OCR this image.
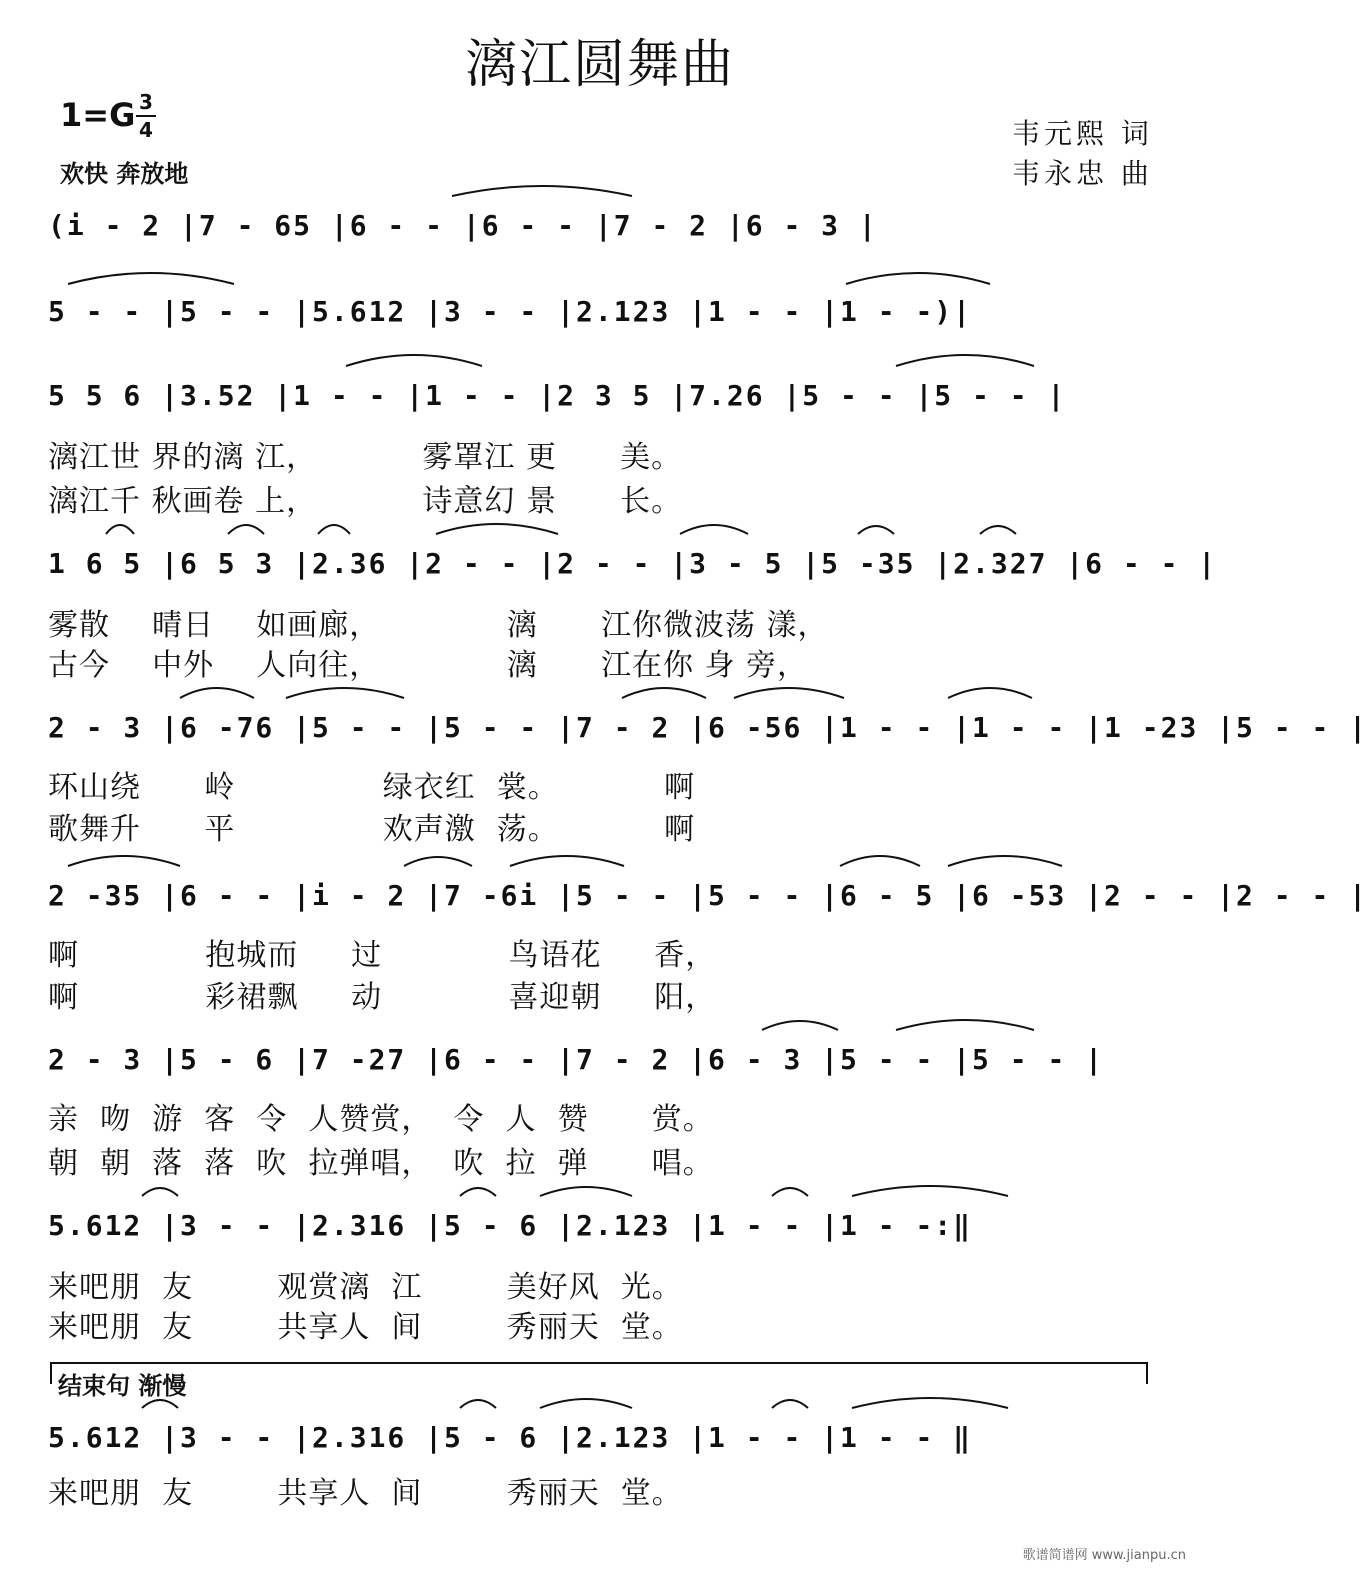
漓江圆舞曲
1=G 3
4
欢快 奔放地
韦元熙 词
韦永忠 曲
(i - 2 |7 - 65 |6 - - |6 - - |7 - 2 |6 - 3 |
5 - - |5 - - |5.612 |3 - - |2.123 |1 - - |1 - -)|
5 5 6 |3.52 |1 - - |1 - - |2 3 5 |7.26 |5 - - |5 - - |
漓江世 界的漓 江，          雾罩江 更      美。
漓江千 秋画卷 上，          诗意幻 景      长。
1 6 5 |6 5 3 |2.36 |2 - - |2 - - |3 - 5 |5 -35 |2.327 |6 - - |
雾散    晴日    如画廊，            漓      江你微波荡 漾，
古今    中外    人向往，            漓      江在你 身 旁，
2 - 3 |6 -76 |5 - - |5 - - |7 - 2 |6 -56 |1 - - |1 - - |1 -23 |5 - - |
环山绕      岭              绿衣红  裳。          啊
歌舞升      平              欢声激  荡。          啊
2 -35 |6 - - |i - 2 |7 -6i |5 - - |5 - - |6 - 5 |6 -53 |2 - - |2 - - |
啊            抱城而     过            鸟语花     香，
啊            彩裙飘     动            喜迎朝     阳，
2 - 3 |5 - 6 |7 -27 |6 - - |7 - 2 |6 - 3 |5 - - |5 - - |
亲  吻  游  客  令  人赞赏，  令  人  赞      赏。
朝  朝  落  落  吹  拉弹唱，  吹  拉  弹      唱。
5.612 |3 - - |2.316 |5 - 6 |2.123 |1 - - |1 - -:‖
来吧朋  友        观赏漓  江        美好风  光。
来吧朋  友        共享人  间        秀丽天  堂。
结束句 渐慢
5.612 |3 - - |2.316 |5 - 6 |2.123 |1 - - |1 - - ‖
来吧朋  友        共享人  间        秀丽天  堂。
歌谱简谱网 www.jianpu.cn
